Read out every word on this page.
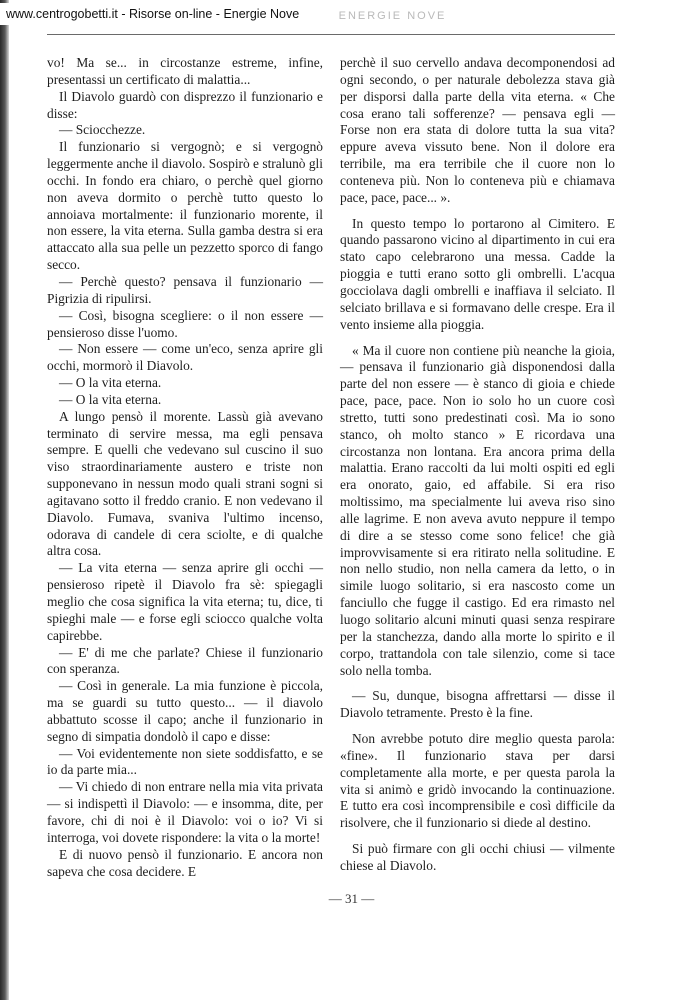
www.centrogobetti.it - Risorse on-line - Energie Nove	ENERGIE NOVE

vo! Ma se... in circostanze estreme, infine, presentassi un certificato di malattia...

Il Diavolo guardò con disprezzo il funzionario e disse:

— Sciocchezze.

Il funzionario si vergognò; e si vergognò leggermente anche il diavolo. Sospirò e stralunò gli occhi. In fondo era chiaro, o perchè quel giorno non aveva dormito o perchè tutto questo lo annoiava mortalmente: il funzionario morente, il non essere, la vita eterna. Sulla gamba destra si era attaccato alla sua pelle un pezzetto sporco di fango secco.

— Perchè questo? pensava il funzionario — Pigrizia di ripulirsi.

— Così, bisogna scegliere: o il non essere — pensieroso disse l'uomo.

— Non essere — come un'eco, senza aprire gli occhi, mormorò il Diavolo.

— O la vita eterna.

— O la vita eterna.

A lungo pensò il morente. Lassù già avevano terminato di servire messa, ma egli pensava sempre. E quelli che vedevano sul cuscino il suo viso straordinariamente austero e triste non supponevano in nessun modo quali strani sogni si agitavano sotto il freddo cranio. E non vedevano il Diavolo. Fumava, svaniva l'ultimo incenso, odorava di candele di cera sciolte, e di qualche altra cosa.

— La vita eterna — senza aprire gli occhi — pensieroso ripetè il Diavolo fra sè: spiegagli meglio che cosa significa la vita eterna; tu, dice, ti spieghi male — e forse egli sciocco qualche volta capirebbe.

— E' di me che parlate? Chiese il funzionario con speranza.

— Così in generale. La mia funzione è piccola, ma se guardi su tutto questo... — il diavolo abbattuto scosse il capo; anche il funzionario in segno di simpatia dondolò il capo e disse:

— Voi evidentemente non siete soddisfatto, e se io da parte mia...

— Vi chiedo di non entrare nella mia vita privata — si indispettì il Diavolo: — e insomma, dite, per favore, chi di noi è il Diavolo: voi o io? Vi si interroga, voi dovete rispondere: la vita o la morte!

E di nuovo pensò il funzionario. E ancora non sapeva che cosa decidere. E

perchè il suo cervello andava decomponendosi ad ogni secondo, o per naturale debolezza stava già per disporsi dalla parte della vita eterna. « Che cosa erano tali sofferenze? — pensava egli — Forse non era stata di dolore tutta la sua vita? eppure aveva vissuto bene. Non il dolore era terribile, ma era terribile che il cuore non lo conteneva più. Non lo conteneva più e chiamava pace, pace, pace... ».

In questo tempo lo portarono al Cimitero. E quando passarono vicino al dipartimento in cui era stato capo celebrarono una messa. Cadde la pioggia e tutti erano sotto gli ombrelli. L'acqua gocciolava dagli ombrelli e inaffiava il selciato. Il selciato brillava e si formavano delle crespe. Era il vento insieme alla pioggia.

« Ma il cuore non contiene più neanche la gioia, — pensava il funzionario già disponendosi dalla parte del non essere — è stanco di gioia e chiede pace, pace, pace. Non io solo ho un cuore così stretto, tutti sono predestinati così. Ma io sono stanco, oh molto stanco » E ricordava una circostanza non lontana. Era ancora prima della malattia. Erano raccolti da lui molti ospiti ed egli era onorato, gaio, ed affabile. Si era riso moltissimo, ma specialmente lui aveva riso sino alle lagrime. E non aveva avuto neppure il tempo di dire a se stesso come sono felice! che già improvvisamente si era ritirato nella solitudine. E non nello studio, non nella camera da letto, o in simile luogo solitario, si era nascosto come un fanciullo che fugge il castigo. Ed era rimasto nel luogo solitario alcuni minuti quasi senza respirare per la stanchezza, dando alla morte lo spirito e il corpo, trattandola con tale silenzio, come si tace solo nella tomba.

— Su, dunque, bisogna affrettarsi — disse il Diavolo tetramente. Presto è la fine.

Non avrebbe potuto dire meglio questa parola: «fine». Il funzionario stava per darsi completamente alla morte, e per questa parola la vita si animò e gridò invocando la continuazione. E tutto era così incomprensibile e così difficile da risolvere, che il funzionario si diede al destino.

Si può firmare con gli occhi chiusi — vilmente chiese al Diavolo.

— 31 —
